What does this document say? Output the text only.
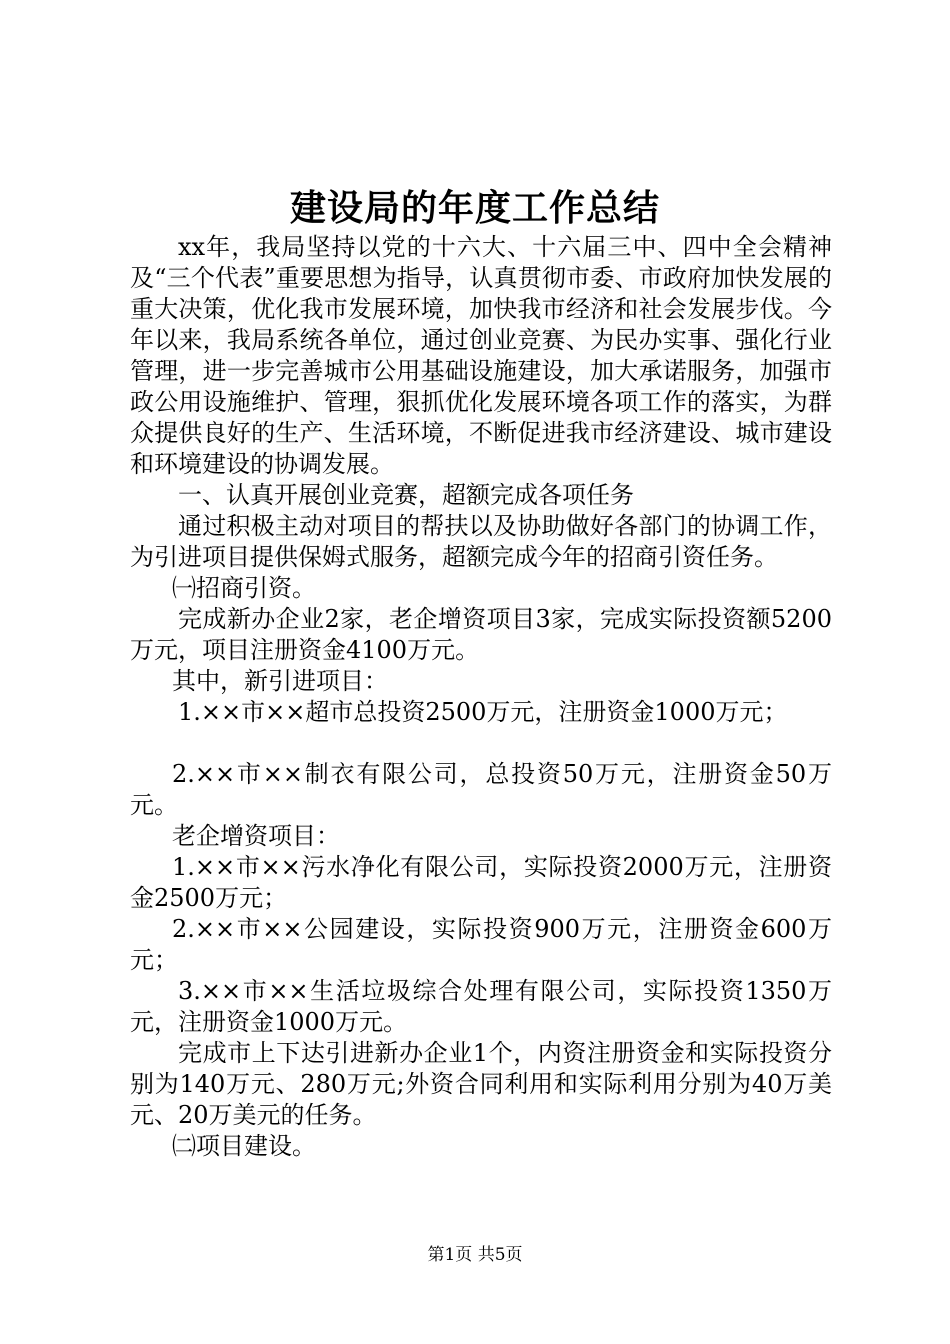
建设局的年度工作总结

xx年，我局坚持以党的十六大、十六届三中、四中全会精神及“三个代表”重要思想为指导，认真贯彻市委、市政府加快发展的重大决策，优化我市发展环境，加快我市经济和社会发展步伐。今年以来，我局系统各单位，通过创业竞赛、为民办实事、强化行业管理，进一步完善城市公用基础设施建设，加大承诺服务，加强市政公用设施维护、管理，狠抓优化发展环境各项工作的落实，为群众提供良好的生产、生活环境，不断促进我市经济建设、城市建设和环境建设的协调发展。

一、认真开展创业竞赛，超额完成各项任务

通过积极主动对项目的帮扶以及协助做好各部门的协调工作，为引进项目提供保姆式服务，超额完成今年的招商引资任务。

㈠招商引资。

完成新办企业2家，老企增资项目3家，完成实际投资额5200万元，项目注册资金4100万元。

其中，新引进项目：

1.××市××超市总投资2500万元，注册资金1000万元；

2.××市××制衣有限公司，总投资50万元，注册资金50万元。

老企增资项目：

1.××市××污水净化有限公司，实际投资2000万元，注册资金2500万元；

2.××市××公园建设，实际投资900万元，注册资金600万元；

3.××市××生活垃圾综合处理有限公司，实际投资1350万元，注册资金1000万元。

完成市上下达引进新办企业1个，内资注册资金和实际投资分别为140万元、280万元;外资合同利用和实际利用分别为40万美元、20万美元的任务。

㈡项目建设。

第1页 共5页
